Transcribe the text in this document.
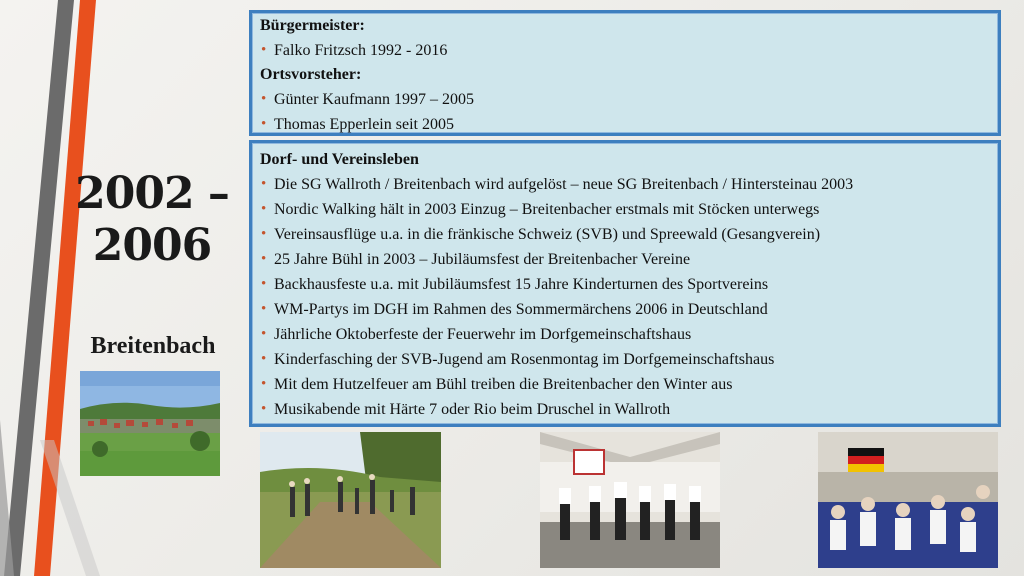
2002 –
2006
Breitenbach
Bürgermeister:
• Falko Fritzsch 1992 - 2016
Ortsvorsteher:
• Günter Kaufmann 1997 – 2005
• Thomas Epperlein seit 2005
Dorf- und Vereinsleben
• Die SG Wallroth / Breitenbach wird aufgelöst – neue SG Breitenbach / Hintersteinau 2003
• Nordic Walking hält in 2003 Einzug – Breitenbacher erstmals mit Stöcken unterwegs
• Vereinsausflüge u.a. in die fränkische Schweiz (SVB) und Spreewald (Gesangverein)
• 25 Jahre Bühl in 2003 – Jubiläumsfest der Breitenbacher Vereine
• Backhausfeste u.a. mit Jubiläumsfest 15 Jahre Kinderturnen des Sportvereins
• WM-Partys im DGH im Rahmen des Sommermärchens 2006 in Deutschland
• Jährliche Oktoberfeste der Feuerwehr im Dorfgemeinschaftshaus
• Kinderfasching der SVB-Jugend am Rosenmontag im Dorfgemeinschaftshaus
• Mit dem Hutzelfeuer am Bühl treiben die Breitenbacher den Winter aus
• Musikabende mit Härte 7 oder Rio beim Druschel in Wallroth
